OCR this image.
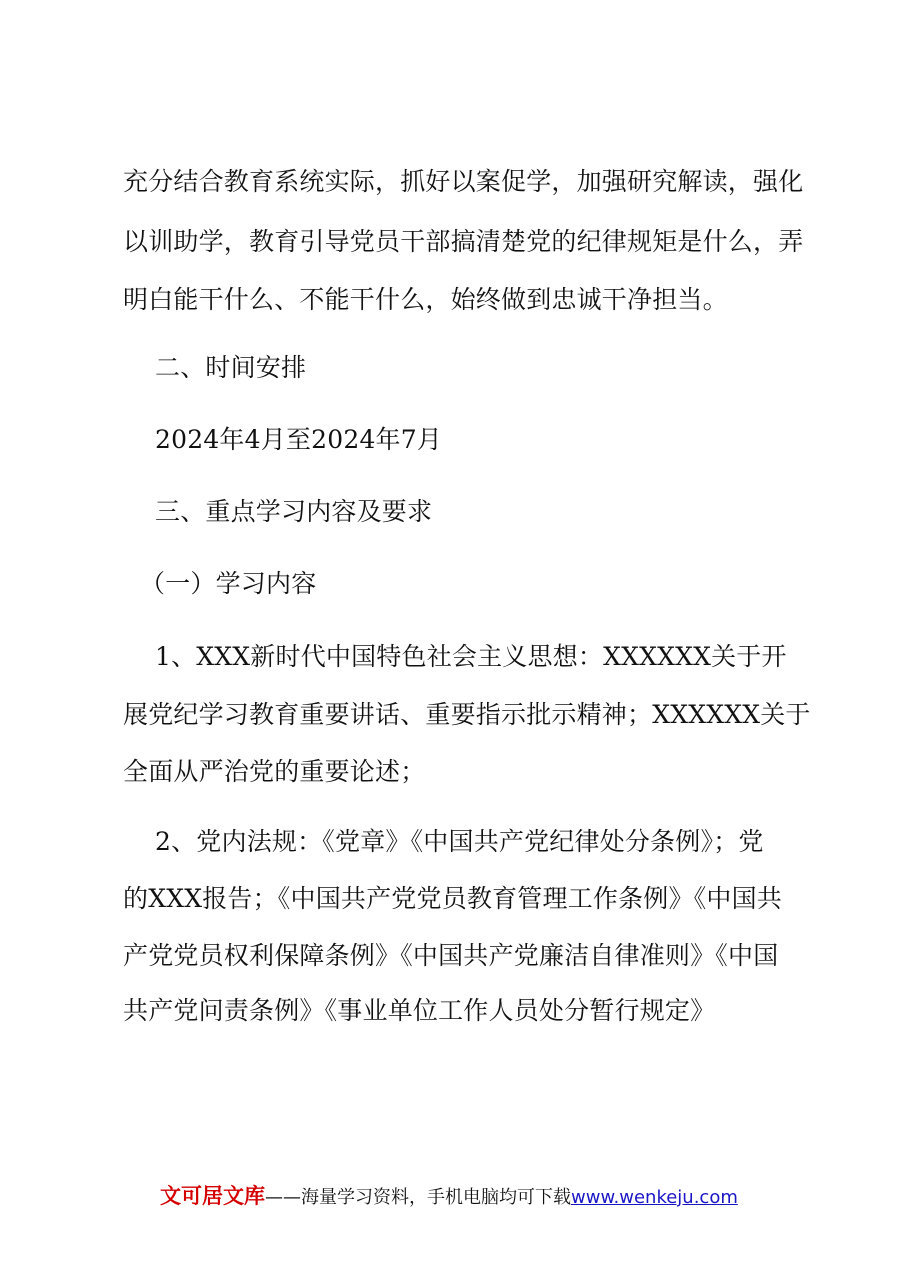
充分结合教育系统实际，抓好以案促学，加强研究解读，强化
以训助学，教育引导党员干部搞清楚党的纪律规矩是什么，弄
明白能干什么、不能干什么，始终做到忠诚干净担当。
二、时间安排
2024年4月至2024年7月
三、重点学习内容及要求
（一）学习内容
1、XXX新时代中国特色社会主义思想：XXXXXX关于开
展党纪学习教育重要讲话、重要指示批示精神；XXXXXX关于
全面从严治党的重要论述；
2、党内法规：《党章》《中国共产党纪律处分条例》；党
的XXX报告；《中国共产党党员教育管理工作条例》《中国共
产党党员权利保障条例》《中国共产党廉洁自律准则》《中国
共产党问责条例》《事业单位工作人员处分暂行规定》
文可居文库——海量学习资料，手机电脑均可下载www.wenkeju.com
